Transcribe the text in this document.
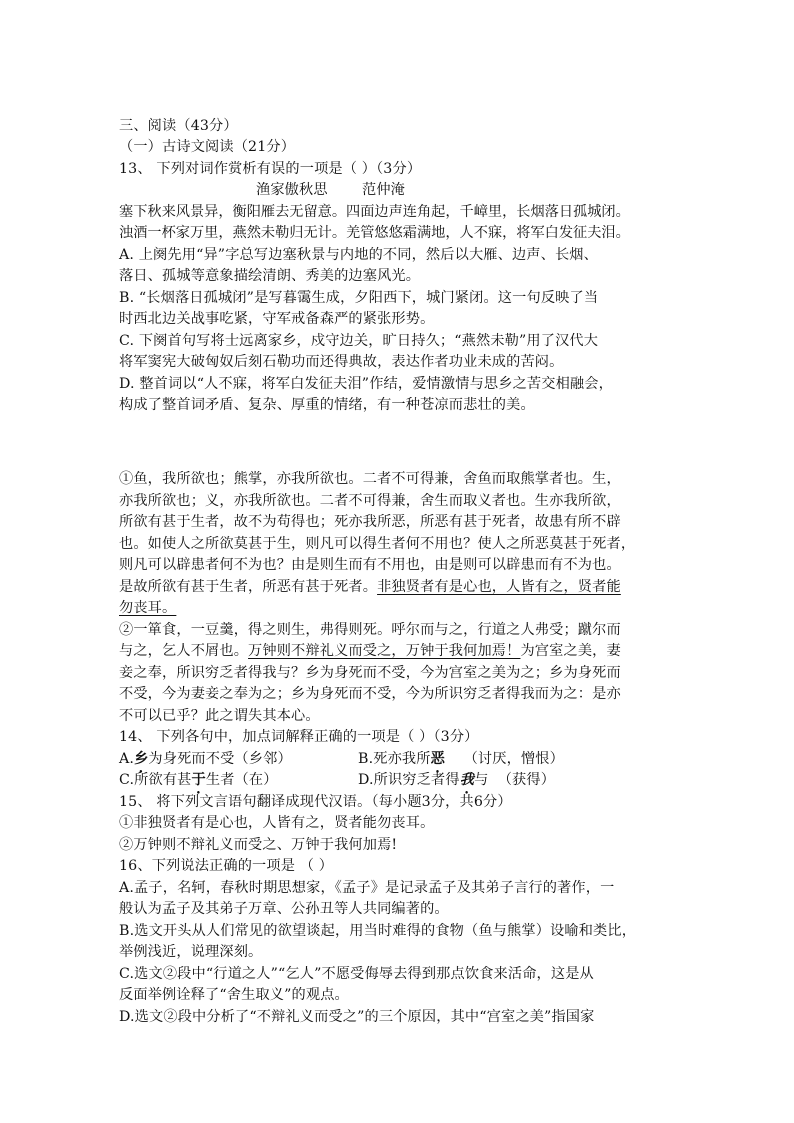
三、阅读（43分）
（一）古诗文阅读（21分）
13、 下列对词作赏析有误的一项是（ ）（3分）
渔家傲秋思 范仲淹
塞下秋来风景异，衡阳雁去无留意。四面边声连角起，千嶂里，长烟落日孤城闭。
浊酒一杯家万里，燕然未勒归无计。羌管悠悠霜满地，人不寐，将军白发征夫泪。
A. 上阕先用“异”字总写边塞秋景与内地的不同，然后以大雁、边声、长烟、
落日、孤城等意象描绘清朗、秀美的边塞风光。
B. “长烟落日孤城闭”是写暮霭生成，夕阳西下，城门紧闭。这一句反映了当
时西北边关战事吃紧，守军戒备森严的紧张形势。
C. 下阕首句写将士远离家乡，戍守边关，旷日持久；“燕然未勒”用了汉代大
将军窦宪大破匈奴后刻石勒功而还得典故，表达作者功业未成的苦闷。
D. 整首词以“人不寐，将军白发征夫泪”作结，爱情激情与思乡之苦交相融会，
构成了整首词矛盾、复杂、厚重的情绪，有一种苍凉而悲壮的美。
①鱼，我所欲也；熊掌，亦我所欲也。二者不可得兼，舍鱼而取熊掌者也。生，
亦我所欲也；义，亦我所欲也。二者不可得兼，舍生而取义者也。生亦我所欲，
所欲有甚于生者，故不为苟得也；死亦我所恶，所恶有甚于死者，故患有所不辟
也。如使人之所欲莫甚于生，则凡可以得生者何不用也？使人之所恶莫甚于死者，
则凡可以辟患者何不为也？由是则生而有不用也，由是则可以辟患而有不为也。
是故所欲有甚于生者，所恶有甚于死者。非独贤者有是心也，人皆有之，贤者能
勿丧耳。
②一箪食，一豆羹，得之则生，弗得则死。呼尔而与之，行道之人弗受；蹴尔而
与之，乞人不屑也。万钟则不辩礼义而受之，万钟于我何加焉！为宫室之美，妻
妾之奉，所识穷乏者得我与？乡为身死而不受，今为宫室之美为之；乡为身死而
不受，今为妻妾之奉为之；乡为身死而不受，今为所识穷乏者得我而为之：是亦
不可以已乎？此之谓失其本心。
14、 下列各句中，加点词解释正确的一项是（ ）（3分）
A.乡为身死而不受（乡邻）	B.死亦我所恶    （讨厌，憎恨）
C.所欲有甚于生者（在）	D.所识穷乏者得我与  （获得）
15、 将下列文言语句翻译成现代汉语。（每小题3分，共6分）
①非独贤者有是心也，人皆有之，贤者能勿丧耳。
②万钟则不辩礼义而受之、万钟于我何加焉!
16、下列说法正确的一项是 （ ）
A.孟子，名轲，春秋时期思想家，《孟子》是记录孟子及其弟子言行的著作，一
般认为孟子及其弟子万章、公孙丑等人共同编著的。
B.选文开头从人们常见的欲望谈起，用当时难得的食物（鱼与熊掌）设喻和类比，
举例浅近，说理深刻。
C.选文②段中“行道之人”“乞人”不愿受侮辱去得到那点饮食来活命，这是从
反面举例诠释了“舍生取义”的观点。
D.选文②段中分析了“不辩礼义而受之”的三个原因，其中“宫室之美”指国家
